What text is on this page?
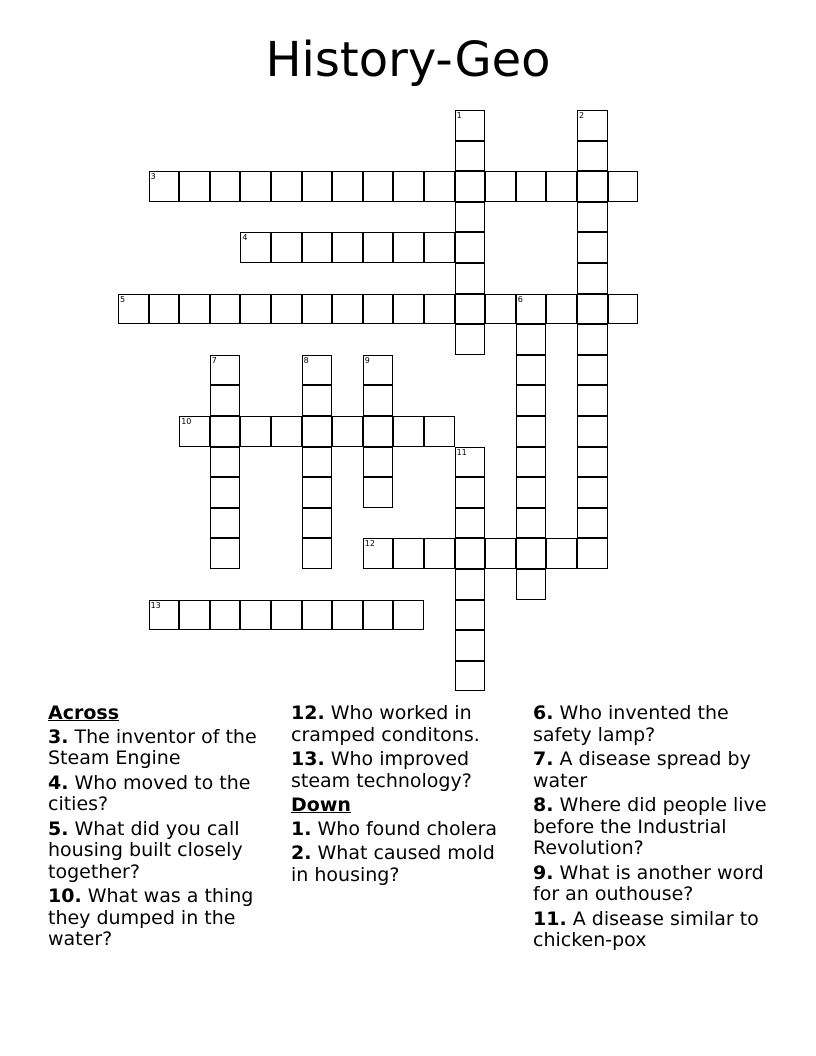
History-Geo
1	2
3
4
5	6
7	8	9
10
11
12
13
Across
3. The inventor of the Steam Engine
4. Who moved to the cities?
5. What did you call housing built closely together?
10. What was a thing they dumped in the water?
12. Who worked in cramped conditons.
13. Who improved steam technology?
Down
1. Who found cholera
2. What caused mold in housing?
6. Who invented the safety lamp?
7. A disease spread by water
8. Where did people live before the Industrial Revolution?
9. What is another word for an outhouse?
11. A disease similar to chicken-pox
